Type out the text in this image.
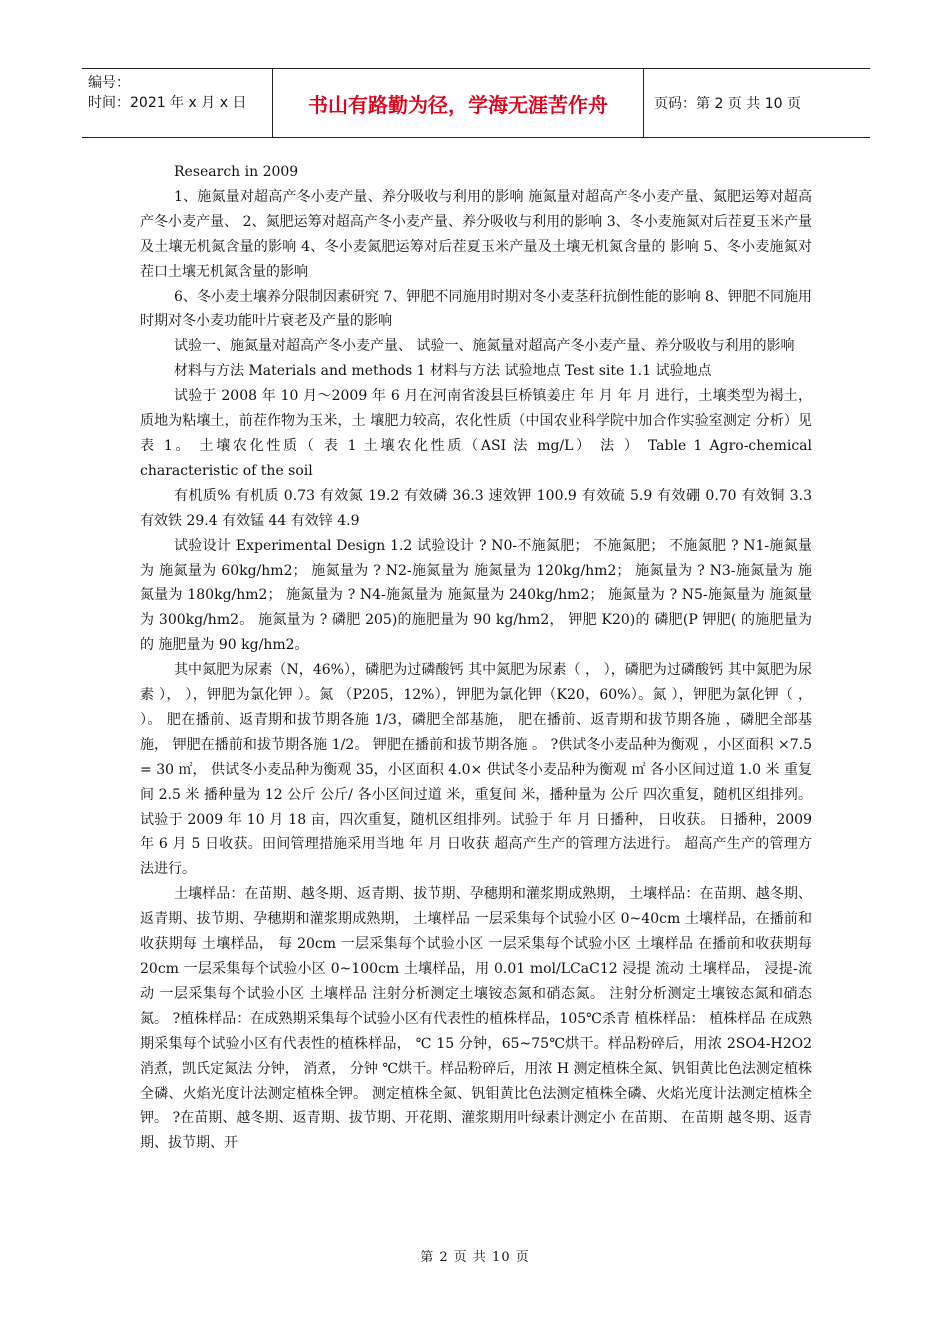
编号：
时间：2021 年 x 月 x 日	书山有路勤为径，学海无涯苦作舟	页码：第 2 页 共 10 页

Research in 2009

1、施氮量对超高产冬小麦产量、养分吸收与利用的影响 施氮量对超高产冬小麦产量、氮肥运筹对超高产冬小麦产量、 2、氮肥运筹对超高产冬小麦产量、养分吸收与利用的影响 3、冬小麦施氮对后茬夏玉米产量及土壤无机氮含量的影响 4、冬小麦氮肥运筹对后茬夏玉米产量及土壤无机氮含量的 影响 5、冬小麦施氮对茬口土壤无机氮含量的影响

6、冬小麦土壤养分限制因素研究 7、钾肥不同施用时期对冬小麦茎秆抗倒性能的影响 8、钾肥不同施用时期对冬小麦功能叶片衰老及产量的影响

试验一、施氮量对超高产冬小麦产量、 试验一、施氮量对超高产冬小麦产量、养分吸收与利用的影响

材料与方法 Materials and methods 1 材料与方法 试验地点 Test site 1.1 试验地点

试验于 2008 年 10 月～2009 年 6 月在河南省浚县巨桥镇姜庄 年 月 年 月 进行，土壤类型为褐土，质地为粘壤土，前茬作物为玉米，土 壤肥力较高，农化性质（中国农业科学院中加合作实验室测定 分析）见表 1。 土壤农化性质（ 表 1 土壤农化性质（ASI 法 mg/L） 法 ） Table 1 Agro-chemical characteristic of the soil

有机质% 有机质 0.73 有效氮 19.2 有效磷 36.3 速效钾 100.9 有效硫 5.9 有效硼 0.70 有效铜 3.3 有效铁 29.4 有效锰 44 有效锌 4.9

试验设计 Experimental Design 1.2 试验设计 ? N0-不施氮肥； 不施氮肥； 不施氮肥 ? N1-施氮量为 施氮量为 60kg/hm2； 施氮量为 ? N2-施氮量为 施氮量为 120kg/hm2； 施氮量为 ? N3-施氮量为 施氮量为 180kg/hm2； 施氮量为 ? N4-施氮量为 施氮量为 240kg/hm2； 施氮量为 ? N5-施氮量为 施氮量为 300kg/hm2。 施氮量为 ? 磷肥 205)的施肥量为 90 kg/hm2， 钾肥 K20)的 磷肥(P 钾肥( 的施肥量为 的 施肥量为 90 kg/hm2。

其中氮肥为尿素（N，46%），磷肥为过磷酸钙 其中氮肥为尿素（ ， ），磷肥为过磷酸钙 其中氮肥为尿素 ）， ），钾肥为氯化钾 ）。氮 （P205，12%），钾肥为氯化钾（K20，60%）。氮 ），钾肥为氯化钾（ ， ）。 肥在播前、返青期和拔节期各施 1/3，磷肥全部基施， 肥在播前、返青期和拔节期各施 ，磷肥全部基施， 钾肥在播前和拔节期各施 1/2。 钾肥在播前和拔节期各施 。 ?供试冬小麦品种为衡观 ，小区面积 ×7.5 = 30 ㎡， 供试冬小麦品种为衡观 35，小区面积 4.0× 供试冬小麦品种为衡观 ㎡ 各小区间过道 1.0 米 重复间 2.5 米 播种量为 12 公斤 公斤/ 各小区间过道 米，重复间 米，播种量为 公斤 四次重复，随机区组排列。试验于 2009 年 10 月 18 亩，四次重复，随机区组排列。试验于 年 月 日播种， 日收获。 日播种，2009 年 6 月 5 日收获。田间管理措施采用当地 年 月 日收获 超高产生产的管理方法进行。 超高产生产的管理方法进行。

土壤样品：在苗期、越冬期、返青期、拔节期、孕穗期和灌浆期成熟期， 土壤样品：在苗期、越冬期、返青期、拔节期、孕穗期和灌浆期成熟期， 土壤样品 一层采集每个试验小区 0~40cm 土壤样品，在播前和收获期每 土壤样品， 每 20cm 一层采集每个试验小区 一层采集每个试验小区 土壤样品 在播前和收获期每 20cm 一层采集每个试验小区 0~100cm 土壤样品，用 0.01 mol/LCaC12 浸提 流动 土壤样品， 浸提-流动 一层采集每个试验小区 土壤样品 注射分析测定土壤铵态氮和硝态氮。 注射分析测定土壤铵态氮和硝态氮。 ?植株样品：在成熟期采集每个试验小区有代表性的植株样品，105℃杀青 植株样品： 植株样品 在成熟期采集每个试验小区有代表性的植株样品， ℃ 15 分钟，65~75℃烘干。样品粉碎后，用浓 2SO4-H2O2 消煮，凯氏定氮法 分钟， 消煮， 分钟 ℃烘干。样品粉碎后，用浓 H 测定植株全氮、钒钼黄比色法测定植株全磷、火焰光度计法测定植株全钾。 测定植株全氮、钒钼黄比色法测定植株全磷、火焰光度计法测定植株全钾。 ?在苗期、越冬期、返青期、拔节期、开花期、灌浆期用叶绿素计测定小 在苗期、 在苗期 越冬期、返青期、拔节期、开

第 2 页 共 10 页
